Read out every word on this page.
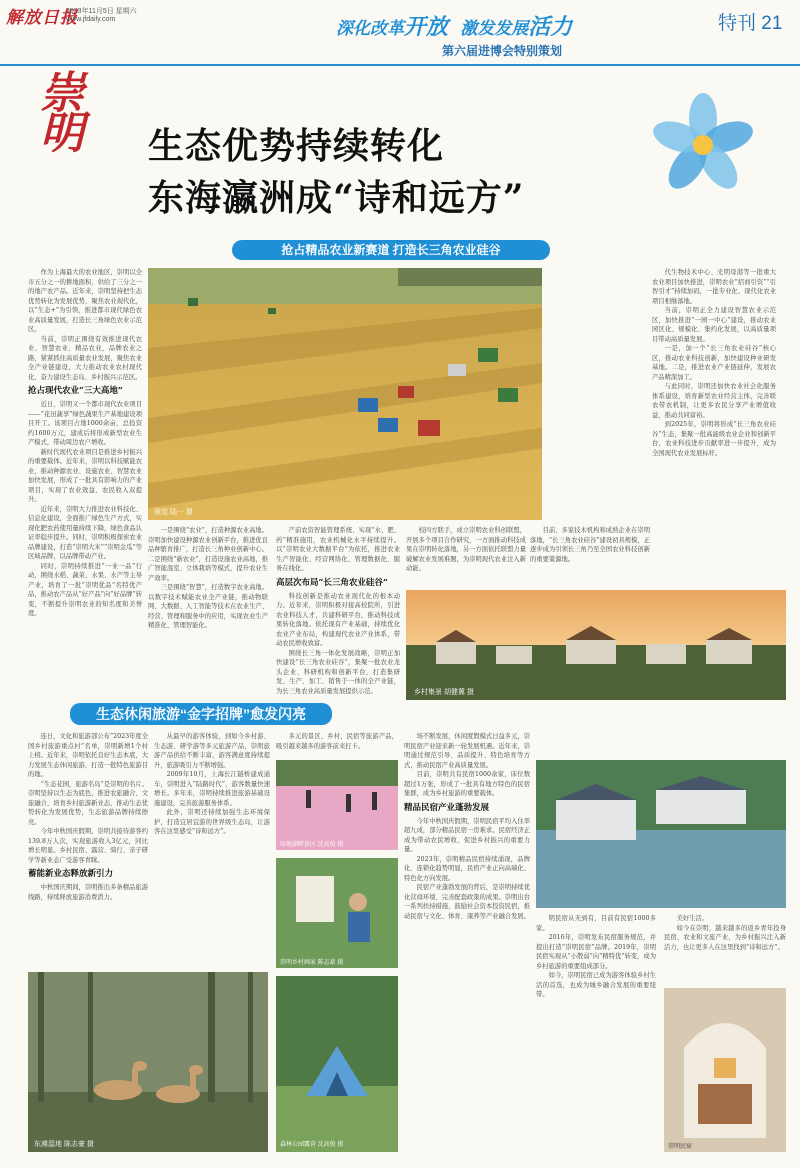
解放日报
2023年11月5日 星期六
www.jfdaily.com	深化改革开放 激发发展活力
第六届进博会特别策划
特刊 21
崇明 生态优势持续转化
东海瀛洲成“诗和远方”
抢占精品农业新赛道 打造长三角农业硅谷

作为上海最大的农业地区，崇明以全市五分之一的耕地面积，供给了三分之一的地产农产品。近年来，崇明坚持把生态优势转化为发展优势，聚焦农业现代化，以“生态+”为引领，推进都市现代绿色农业高质量发展，打造长三角绿色农业示范区。

当前，崇明正围绕有效推进现代农业、智慧农业、精品农业，品牌农业之路，紧紧抓住高质量农业发展，聚焦农业全产业链建设，大力推动农业农村现代化，奋力建设生态岛、乡村振兴示范区。

抢占现代农业“三大高地”

近日，崇明又一个都市现代农业项目——“花田蔬享”绿色蔬果生产基地建设项目开工。该项目占地1000余亩，总投资约1600万元，建成后将形成新型农业生产模式，带动周边农户增收。

新时代现代农业项目是推进乡村振兴的重要载体。近年来，崇明以科技赋能农业，推动种源农业、设施农业、智慧农业加快发展，形成了一批具有影响力的产业项目，实现了农业效益、农民收入双提升。

近年来，崇明大力推进农业科技化、信息化建设，全面推广绿色生产方式，实现化肥农药使用量持续下降，绿色食品认证率稳步提升。同时，崇明积极探索农业品牌建设，打造“崇明大米”“崇明金瓜”等区域品牌，以品牌带动产业。

同时，崇明持续推进“一业一品”行动，围绕水稻、蔬菜、水果、水产等主导产业，培育了一批“崇明优品”名特优产品，推动农产品从“好产品”向“好品牌”转变，不断提升崇明农业的知名度和美誉度。

视觉 陆一 摄

一是围绕“农业”，打造种源农业高地。崇明加快建设种源农业创新平台，推进优良品种繁育推广，打造长三角种业创新中心。二是围绕“新农业”，打造设施农业高地，推广智能温室、立体栽培等模式，提升农业生产效率。

三是围绕“智慧”，打造数字农业高地。以数字技术赋能农业全产业链，推动物联网、大数据、人工智能等技术在农业生产、经营、管理和服务中的应用，实现农业生产精准化、管理智能化。

产前农资智能管理系统、实现“水、肥、药”精准施用，农业机械化水平持续提升。以“崇明农业大数据平台”为依托，推进农业生产智能化、经营网络化、管理数据化、服务在线化。

高层次布局“长三角农业硅谷”

科技创新是推动农业现代化的根本动力。近年来，崇明积极对接高校院所，引进农业科技人才，共建科研平台，推动科技成果转化落地。依托现有产业基础，持续优化农业产业布局，构建现代农业产业体系，带动农民增收致富。

围绕长三角一体化发展战略，崇明正加快建设“长三角农业硅谷”，集聚一批农业龙头企业、科研机构和创新平台，打造集研发、生产、加工、销售于一体的全产业链，为长三角农业高质量发展提供示范。

校四方联手，成立崇明农业科创联盟，开展多个项目合作研究，一方面推动科技成果在崇明转化落地，另一方面依托联盟力量破解农业发展难题，为崇明现代农业注入新动能。

目前，多家技术机构和成熟企业在崇明落地，“长三角农业硅谷”建设初具规模，正逐步成为引领长三角乃至全国农业科技创新的重要策源地。

乡村集景 胡健冀 摄

代生物技术中心、光明母港等一批重大农业项目加快推进，崇明农业“招商引资”“引智引才”持续加码，一批专业化、现代化农业项目相继落地。

当前，崇明正全力建设智慧农业示范区，加快推进“一园一中心”建设，推动农业园区化、规模化、集约化发展，以高质量项目带动高质量发展。

一是，加一个“长三角农业硅谷”核心区，推动农业科技创新，加快建设种业研发基地。二是，推进农业产业链延伸，发展农产品精深加工。

与此同时，崇明还加快农业社会化服务体系建设，培育新型农业经营主体，完善联农带农机制，让更多农民分享产业增值收益，推动共同富裕。

到2025年，崇明将形成“长三角农业硅谷”生态，集聚一批高能级农业企业和创新平台，农业科技进步贡献率进一步提升，成为全国现代农业发展标杆。

生态休闲旅游“金字招牌”愈发闪亮

连日，文化和旅游部公布“2023年度全国乡村旅游重点村”名单，崇明新增1个村上榜。近年来，崇明依托良好生态本底，大力发展生态休闲旅游，打造一批特色旅游目的地。

“生态花园，旅游名岛”是崇明的名片。崇明坚持以生态为底色，推进农旅融合、文旅融合，培育乡村旅游新业态，推动生态优势转化为发展优势，生态旅游品牌持续擦亮。

今年中秋国庆假期，崇明共接待游客约139.8万人次，实现旅游收入3亿元，同比增长明显。乡村民宿、露营、骑行、亲子研学等新业态广受游客青睐。

蓄能新业态释放新引力

中秋国庆期间，崇明推出多条精品旅游线路，持续释放旅游消费潜力。

东滩湿地 陈志豪 摄

从最早的游客体验，到如今乡村游、生态游、研学游等多元旅游产品，崇明旅游产品供给不断丰富，游客满意度持续提升，旅游吸引力不断增强。

2009年10月，上海长江隧桥建成通车，崇明进入“陆路时代”，游客数量快速增长。多年来，崇明持续推进旅游基础设施建设，完善旅游服务体系。

此外，崇明还持续加强生态环境保护，打造宜居宜游的世界级生态岛，让游客在这里感受“诗和远方”。

绿地湖畔景区 沈高俊 摄

多元的景区、乡村、民宿等旅游产品，吸引越来越多的游客前来打卡。

崇明乡村画家 陈志豪 摄
森林公园露营 沈高俊 摄

场不断发展，休闲度假模式日益多元，崇明民宿产业迎来新一轮发展机遇。近年来，崇明通过规范引导、品质提升、特色培育等方式，推动民宿产业高质量发展。

目前，崇明共有民宿1000余家，床位数超过1万张，形成了一批具有地方特色的民宿集群，成为乡村旅游的重要载体。

精品民宿产业蓬勃发展

今年中秋国庆假期，崇明民宿平均入住率超九成，部分精品民宿一房难求。民宿经济正成为带动农民增收、促进乡村振兴的重要力量。

2023年，崇明精品民宿持续涌现，品牌化、连锁化趋势明显，民宿产业正向高端化、特色化方向发展。

民宿产业蓬勃发展的背后，是崇明持续优化营商环境、完善配套政策的成果。崇明出台一系列扶持措施，鼓励社会资本投资民宿，推动民宿与文化、体育、康养等产业融合发展。	明民宿从无到有，目前有民宿1000多家。

2016年，崇明发布民宿服务规范，并提出打造“崇明民宿”品牌。2019年，崇明民宿实现从“小散弱”向“精特优”转变，成为乡村旅游的重要组成部分。

如今，崇明民宿已成为游客体验乡村生活的首选，也成为城乡融合发展的重要纽带。

美好生活。

如今在崇明，越来越多的返乡青年投身民宿、农业和文旅产业，为乡村振兴注入新活力，也让更多人在这里找到“诗和远方”。

崇明民宿
